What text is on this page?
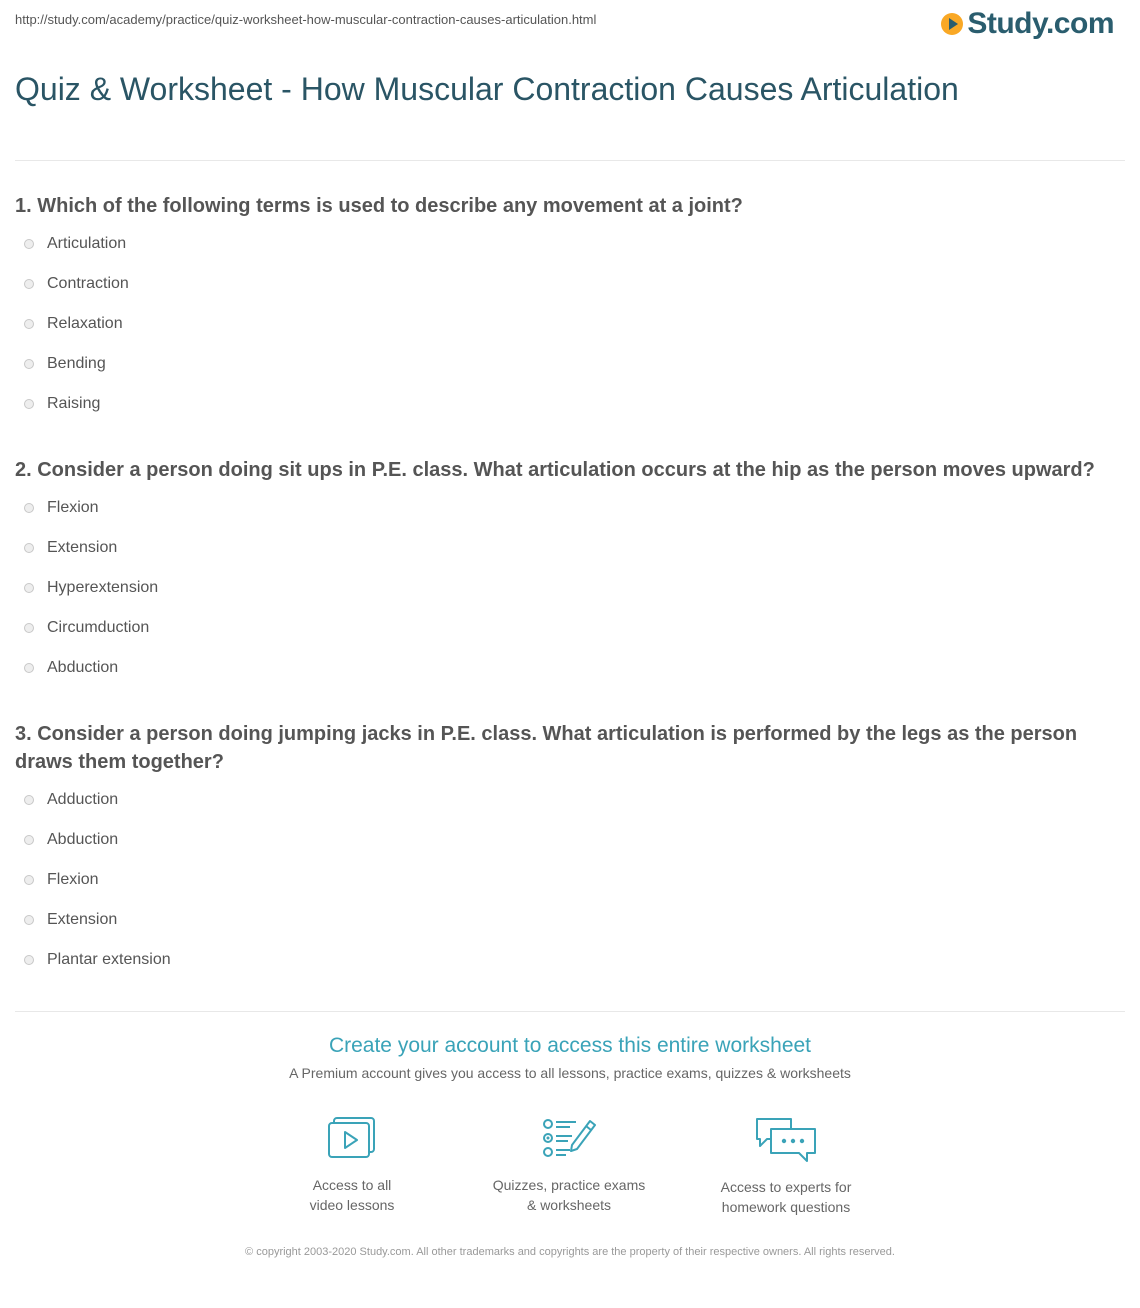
http://study.com/academy/practice/quiz-worksheet-how-muscular-contraction-causes-articulation.html	Study.com
Quiz & Worksheet - How Muscular Contraction Causes Articulation
1. Which of the following terms is used to describe any movement at a joint?
Articulation
Contraction
Relaxation
Bending
Raising
2. Consider a person doing sit ups in P.E. class. What articulation occurs at the hip as the person moves upward?
Flexion
Extension
Hyperextension
Circumduction
Abduction
3. Consider a person doing jumping jacks in P.E. class. What articulation is performed by the legs as the person draws them together?
Adduction
Abduction
Flexion
Extension
Plantar extension
Create your account to access this entire worksheet
A Premium account gives you access to all lessons, practice exams, quizzes & worksheets
Access to all
video lessons
Quizzes, practice exams
& worksheets
Access to experts for
homework questions
© copyright 2003-2020 Study.com. All other trademarks and copyrights are the property of their respective owners. All rights reserved.
